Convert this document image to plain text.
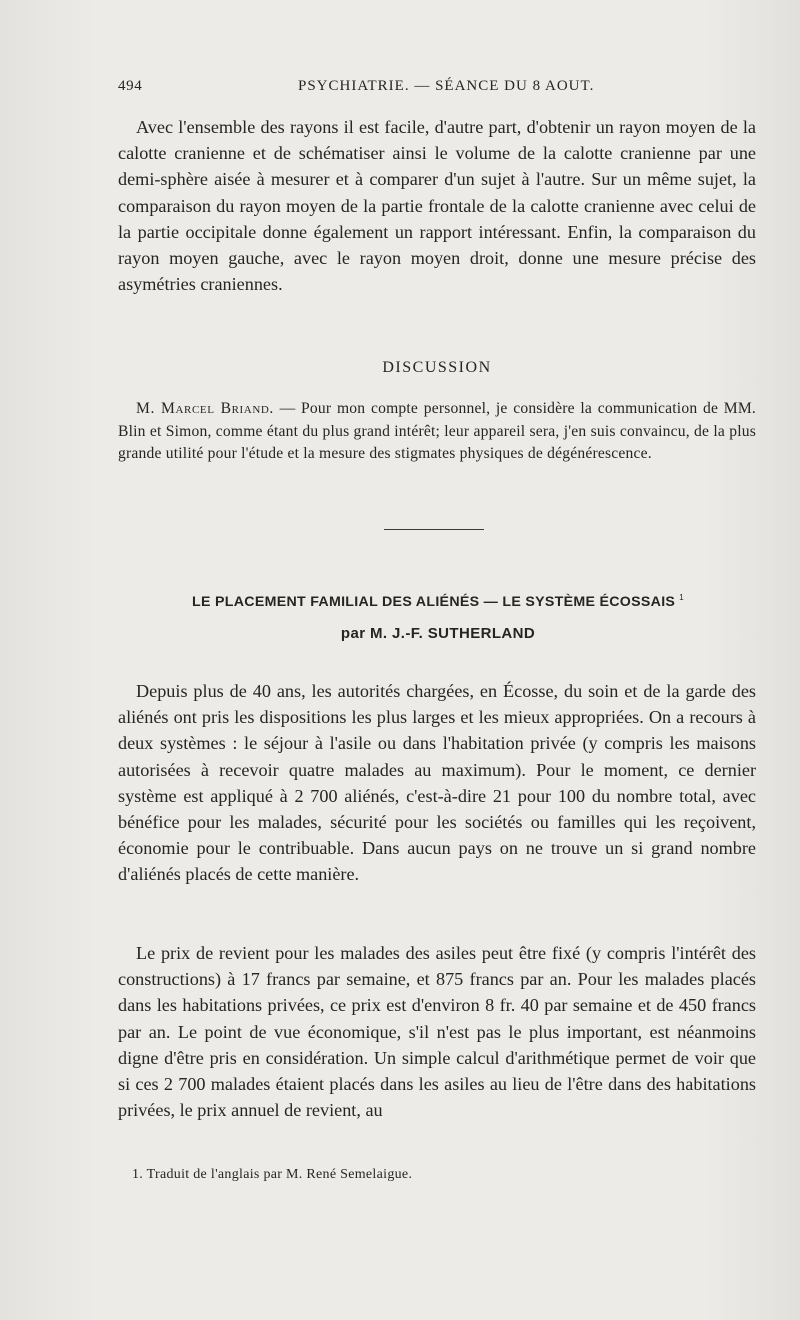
494	PSYCHIATRIE. — SÉANCE DU 8 AOUT.

Avec l'ensemble des rayons il est facile, d'autre part, d'obtenir un rayon moyen de la calotte cranienne et de schématiser ainsi le volume de la calotte cranienne par une demi-sphère aisée à mesurer et à comparer d'un sujet à l'autre. Sur un même sujet, la comparaison du rayon moyen de la partie frontale de la calotte cranienne avec celui de la partie occipitale donne également un rapport intéressant. Enfin, la comparaison du rayon moyen gauche, avec le rayon moyen droit, donne une mesure précise des asymétries craniennes.

DISCUSSION

M. Marcel Briand. — Pour mon compte personnel, je considère la communication de MM. Blin et Simon, comme étant du plus grand intérêt; leur appareil sera, j'en suis convaincu, de la plus grande utilité pour l'étude et la mesure des stigmates physiques de dégénérescence.

LE PLACEMENT FAMILIAL DES ALIÉNÉS — LE SYSTÈME ÉCOSSAIS $^1$
par M. J.-F. SUTHERLAND

Depuis plus de 40 ans, les autorités chargées, en Écosse, du soin et de la garde des aliénés ont pris les dispositions les plus larges et les mieux appropriées. On a recours à deux systèmes : le séjour à l'asile ou dans l'habitation privée (y compris les maisons autorisées à recevoir quatre malades au maximum). Pour le moment, ce dernier système est appliqué à 2 700 aliénés, c'est-à-dire 21 pour 100 du nombre total, avec bénéfice pour les malades, sécurité pour les sociétés ou familles qui les reçoivent, économie pour le contribuable. Dans aucun pays on ne trouve un si grand nombre d'aliénés placés de cette manière.

Le prix de revient pour les malades des asiles peut être fixé (y compris l'intérêt des constructions) à 17 francs par semaine, et 875 francs par an. Pour les malades placés dans les habitations privées, ce prix est d'environ 8 fr. 40 par semaine et de 450 francs par an. Le point de vue économique, s'il n'est pas le plus important, est néanmoins digne d'être pris en considération. Un simple calcul d'arithmétique permet de voir que si ces 2 700 malades étaient placés dans les asiles au lieu de l'être dans des habitations privées, le prix annuel de revient, au

1. Traduit de l'anglais par M. René Semelaigue.
